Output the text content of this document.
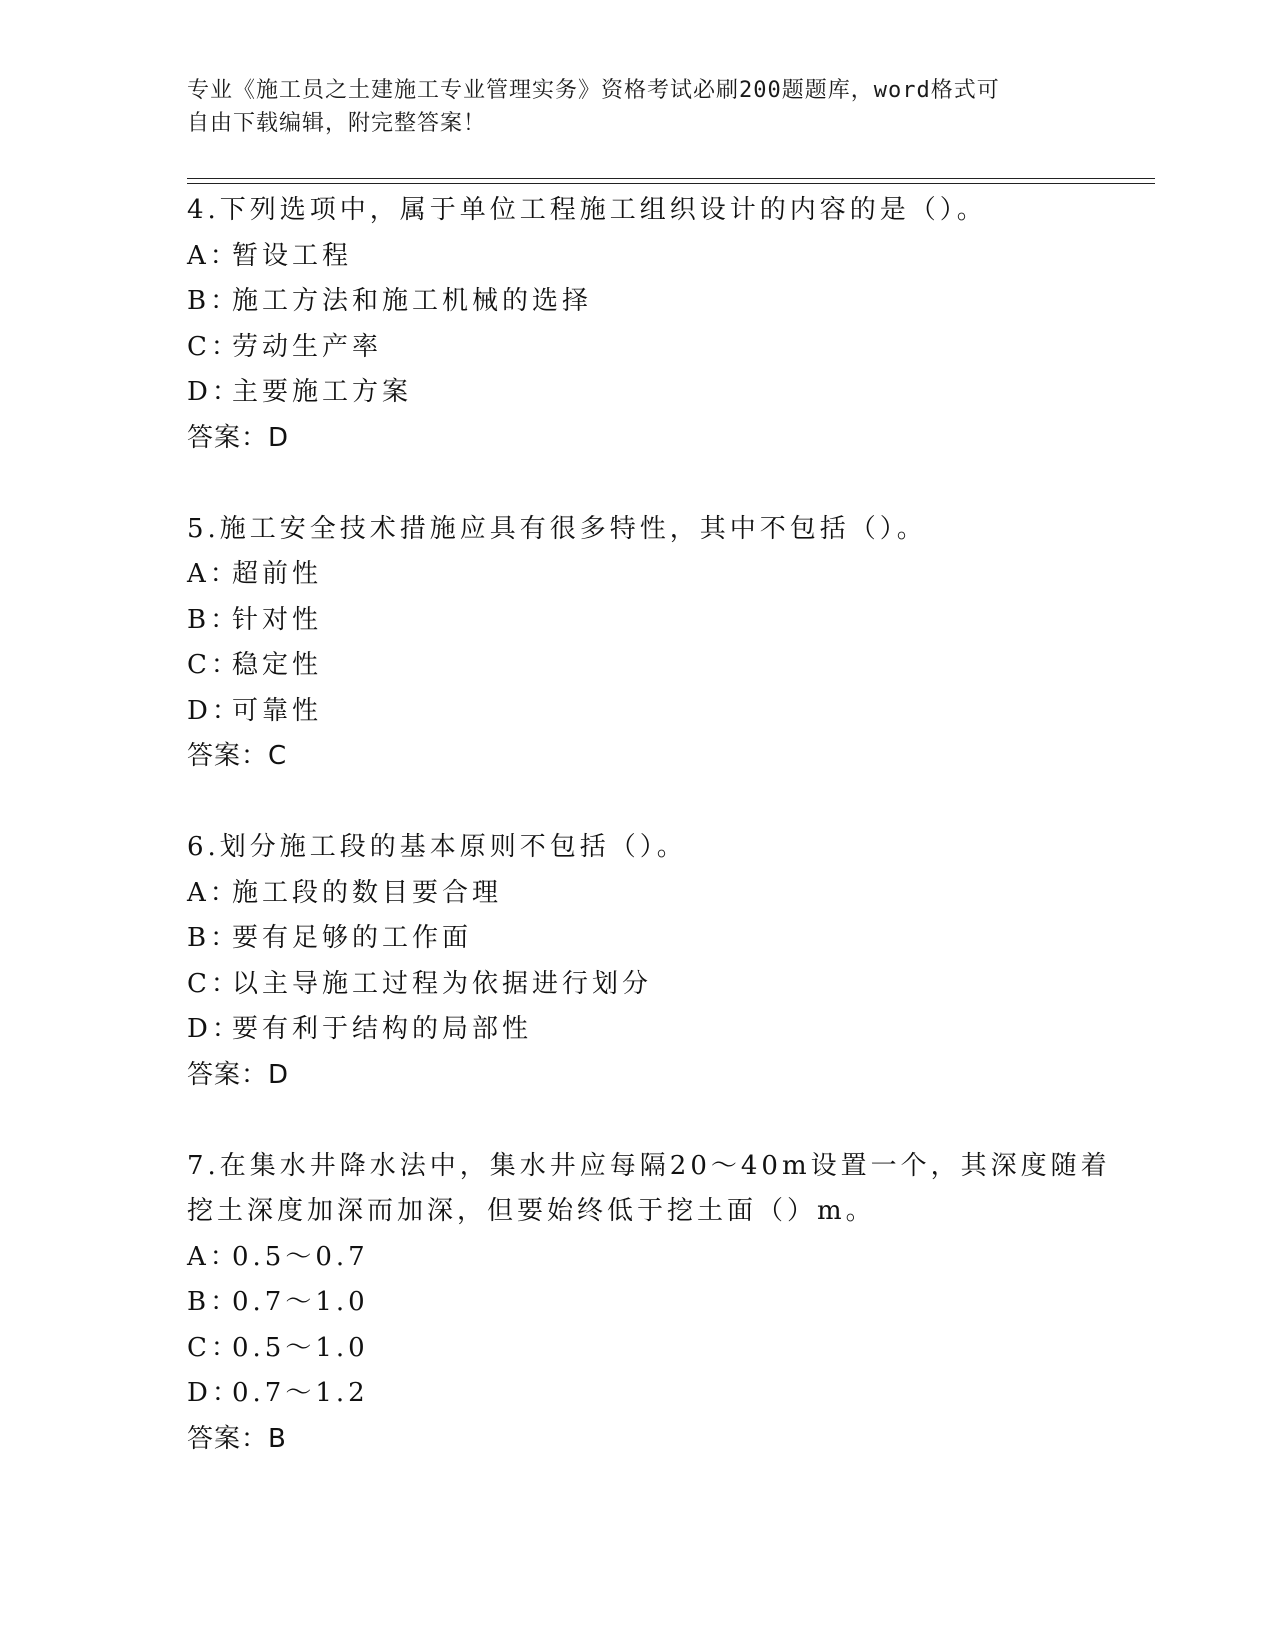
专业《施工员之土建施工专业管理实务》资格考试必刷200题题库，word格式可
自由下载编辑，附完整答案！
4.下列选项中，属于单位工程施工组织设计的内容的是（）。
A：暂设工程
B：施工方法和施工机械的选择
C：劳动生产率
D：主要施工方案
答案：D
5.施工安全技术措施应具有很多特性，其中不包括（）。
A：超前性
B：针对性
C：稳定性
D：可靠性
答案：C
6.划分施工段的基本原则不包括（）。
A：施工段的数目要合理
B：要有足够的工作面
C：以主导施工过程为依据进行划分
D：要有利于结构的局部性
答案：D
7.在集水井降水法中，集水井应每隔20～40m设置一个，其深度随着
挖土深度加深而加深，但要始终低于挖土面（）m。
A：0.5～0.7
B：0.7～1.0
C：0.5～1.0
D：0.7～1.2
答案：B
